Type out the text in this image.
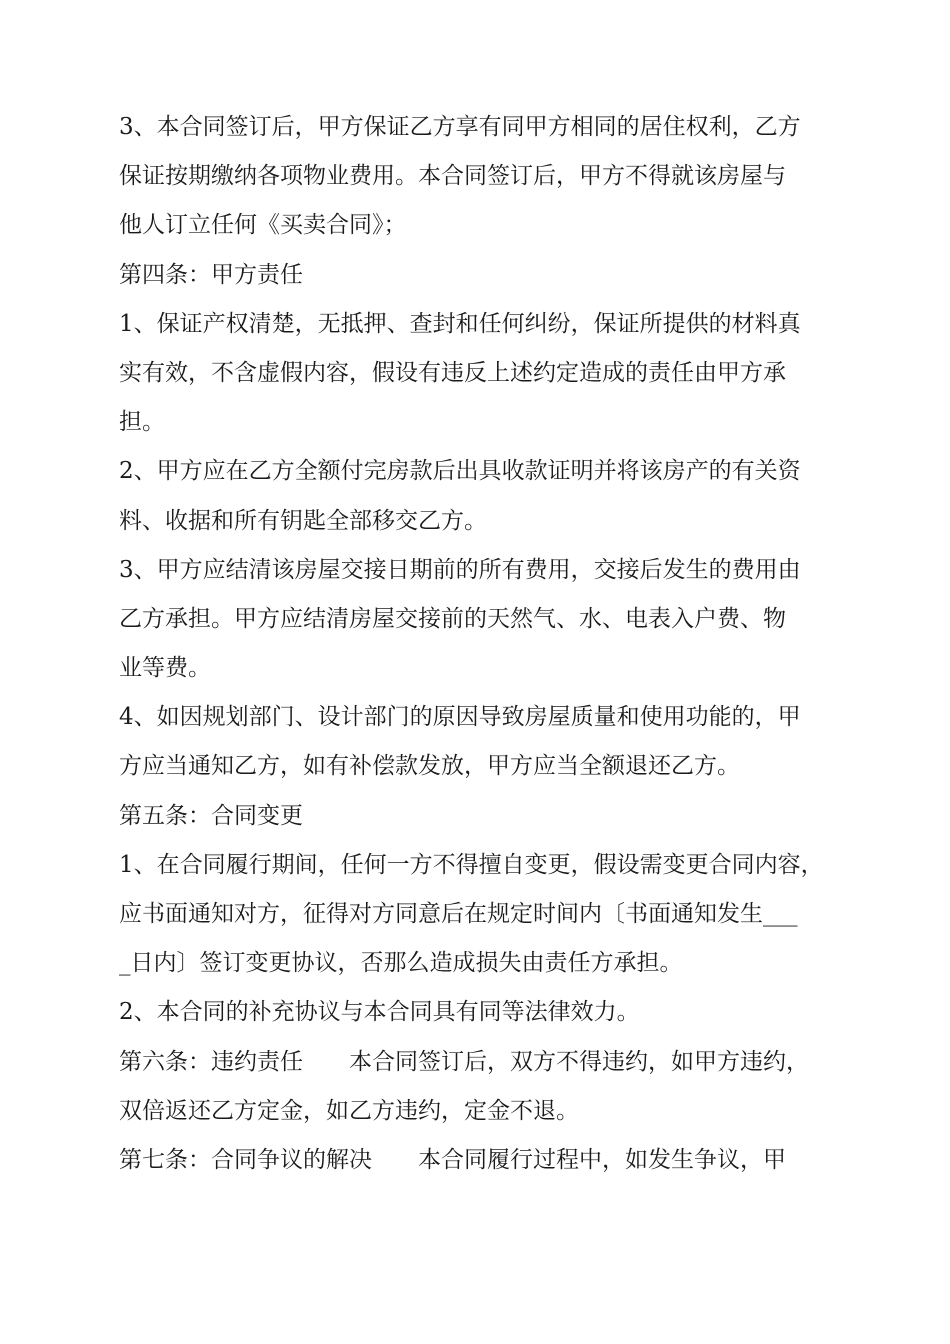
3、本合同签订后，甲方保证乙方享有同甲方相同的居住权利，乙方
保证按期缴纳各项物业费用。本合同签订后，甲方不得就该房屋与
他人订立任何《买卖合同》；
第四条：甲方责任
1、保证产权清楚，无抵押、查封和任何纠纷，保证所提供的材料真
实有效，不含虚假内容，假设有违反上述约定造成的责任由甲方承
担。
2、甲方应在乙方全额付完房款后出具收款证明并将该房产的有关资
料、收据和所有钥匙全部移交乙方。
3、甲方应结清该房屋交接日期前的所有费用，交接后发生的费用由
乙方承担。甲方应结清房屋交接前的天然气、水、电表入户费、物
业等费。
4、如因规划部门、设计部门的原因导致房屋质量和使用功能的，甲
方应当通知乙方，如有补偿款发放，甲方应当全额退还乙方。
第五条：合同变更
1、在合同履行期间，任何一方不得擅自变更，假设需变更合同内容，
应书面通知对方，征得对方同意后在规定时间内〔书面通知发生___
_日内〕签订变更协议，否那么造成损失由责任方承担。
2、本合同的补充协议与本合同具有同等法律效力。
第六条：违约责任　　本合同签订后，双方不得违约，如甲方违约，
双倍返还乙方定金，如乙方违约，定金不退。
第七条：合同争议的解决　　本合同履行过程中，如发生争议，甲
